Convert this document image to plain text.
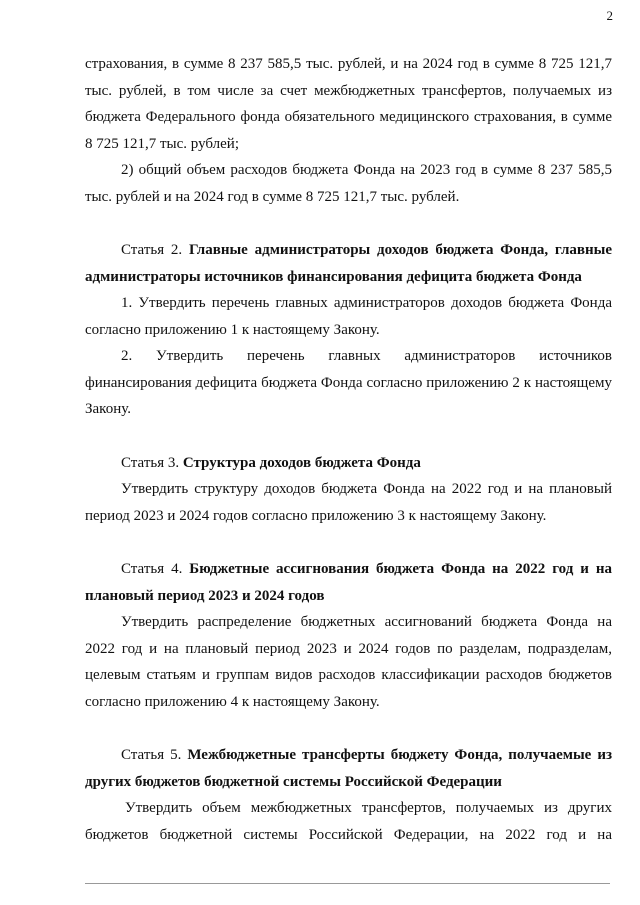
2

страхования, в сумме 8 237 585,5 тыс. рублей, и на 2024 год в сумме 8 725 121,7 тыс. рублей, в том числе за счет межбюджетных трансфертов, получаемых из бюджета Федерального фонда обязательного медицинского страхования, в сумме 8 725 121,7 тыс. рублей;

2) общий объем расходов бюджета Фонда на 2023 год в сумме 8 237 585,5 тыс. рублей и на 2024 год в сумме 8 725 121,7 тыс. рублей.

Статья 2. Главные администраторы доходов бюджета Фонда, главные администраторы источников финансирования дефицита бюджета Фонда

1. Утвердить перечень главных администраторов доходов бюджета Фонда согласно приложению 1 к настоящему Закону.

2. Утвердить перечень главных администраторов источников финансирования дефицита бюджета Фонда согласно приложению 2 к настоящему Закону.

Статья 3. Структура доходов бюджета Фонда

Утвердить структуру доходов бюджета Фонда на 2022 год и на плановый период 2023 и 2024 годов согласно приложению 3 к настоящему Закону.

Статья 4. Бюджетные ассигнования бюджета Фонда на 2022 год и на плановый период 2023 и 2024 годов

Утвердить распределение бюджетных ассигнований бюджета Фонда на 2022 год и на плановый период 2023 и 2024 годов по разделам, подразделам, целевым статьям и группам видов расходов классификации расходов бюджетов согласно приложению 4 к настоящему Закону.

Статья 5. Межбюджетные трансферты бюджету Фонда, получаемые из других бюджетов бюджетной системы Российской Федерации

Утвердить объем межбюджетных трансфертов, получаемых из других бюджетов бюджетной системы Российской Федерации, на 2022 год и на
